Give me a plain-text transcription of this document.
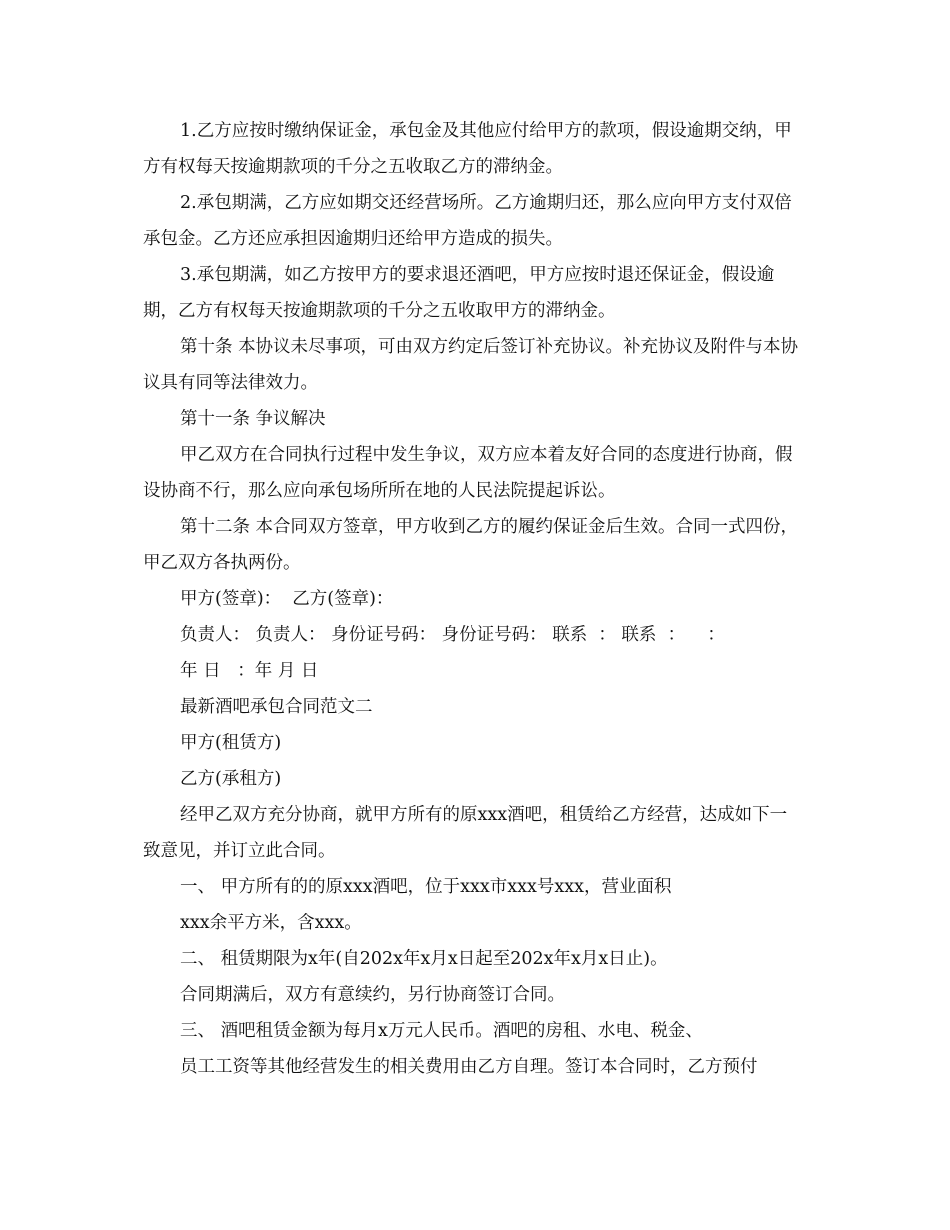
1.乙方应按时缴纳保证金，承包金及其他应付给甲方的款项，假设逾期交纳，甲方有权每天按逾期款项的千分之五收取乙方的滞纳金。

2.承包期满，乙方应如期交还经营场所。乙方逾期归还，那么应向甲方支付双倍承包金。乙方还应承担因逾期归还给甲方造成的损失。

3.承包期满，如乙方按甲方的要求退还酒吧，甲方应按时退还保证金，假设逾期，乙方有权每天按逾期款项的千分之五收取甲方的滞纳金。

第十条 本协议未尽事项，可由双方约定后签订补充协议。补充协议及附件与本协议具有同等法律效力。

第十一条 争议解决

甲乙双方在合同执行过程中发生争议，双方应本着友好合同的态度进行协商，假设协商不行，那么应向承包场所所在地的人民法院提起诉讼。

第十二条 本合同双方签章，甲方收到乙方的履约保证金后生效。合同一式四份，甲乙双方各执两份。

甲方(签章)：  乙方(签章)：

负责人： 负责人： 身份证号码： 身份证号码： 联系  ： 联系  ：    ：

年 日   ：年 月 日

最新酒吧承包合同范文二

甲方(租赁方)

乙方(承租方)

经甲乙双方充分协商，就甲方所有的原xxx酒吧，租赁给乙方经营，达成如下一致意见，并订立此合同。

一、 甲方所有的的原xxx酒吧，位于xxx市xxx号xxx，营业面积

xxx余平方米，含xxx。

二、 租赁期限为x年(自202x年x月x日起至202x年x月x日止)。

合同期满后，双方有意续约，另行协商签订合同。

三、 酒吧租赁金额为每月x万元人民币。酒吧的房租、水电、税金、

员工工资等其他经营发生的相关费用由乙方自理。签订本合同时，乙方预付
